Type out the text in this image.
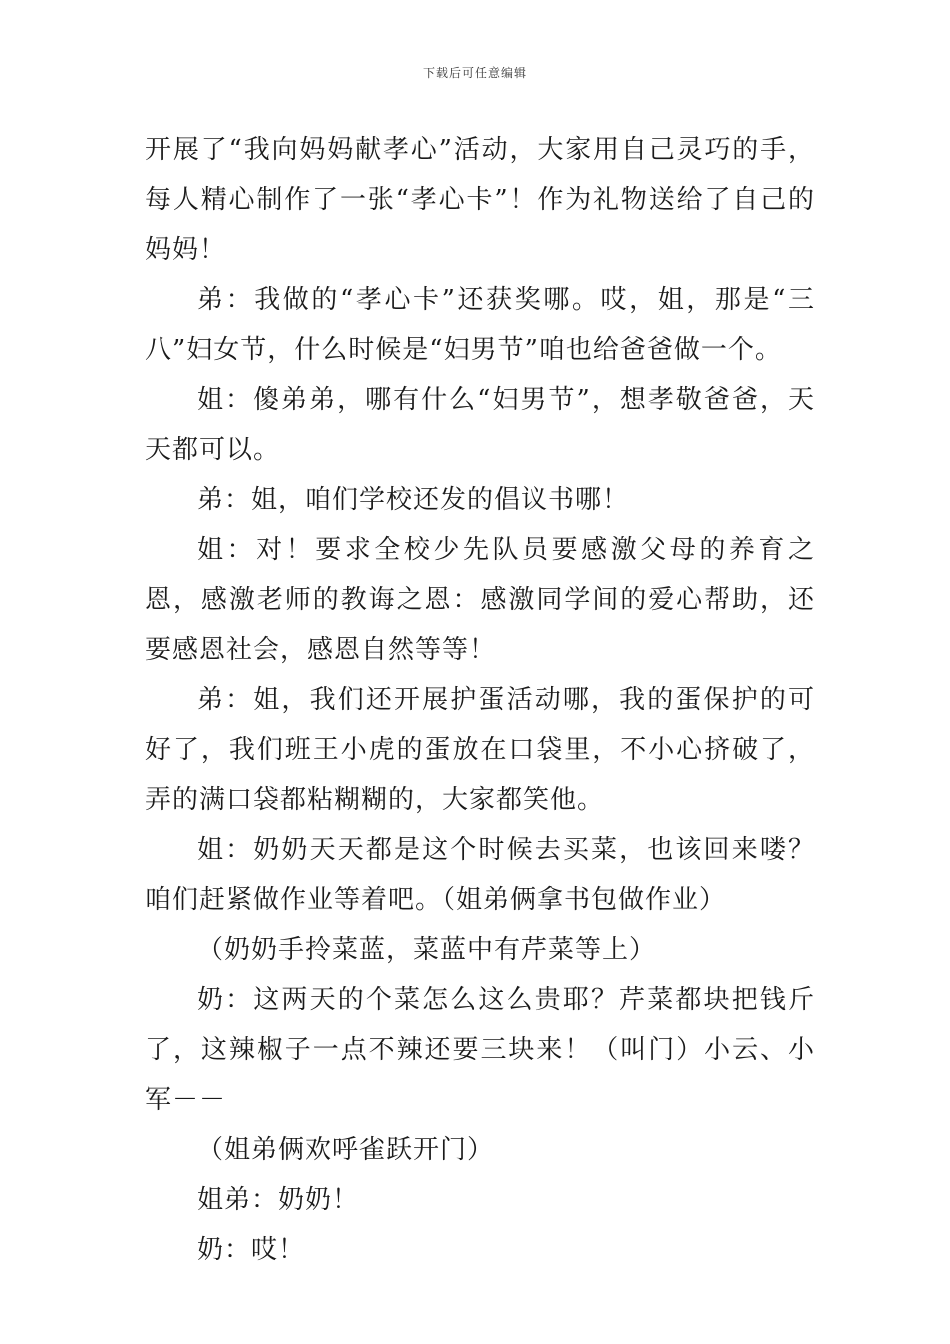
下载后可任意编辑

开展了“我向妈妈献孝心”活动，大家用自己灵巧的手，每人精心制作了一张“孝心卡”！作为礼物送给了自己的妈妈！

弟：我做的“孝心卡”还获奖哪。哎，姐，那是“三八”妇女节，什么时候是“妇男节”咱也给爸爸做一个。

姐：傻弟弟，哪有什么“妇男节”，想孝敬爸爸，天天都可以。

弟：姐，咱们学校还发的倡议书哪！

姐：对！要求全校少先队员要感激父母的养育之恩，感激老师的教诲之恩：感激同学间的爱心帮助，还要感恩社会，感恩自然等等！

弟：姐，我们还开展护蛋活动哪，我的蛋保护的可好了，我们班王小虎的蛋放在口袋里，不小心挤破了，弄的满口袋都粘糊糊的，大家都笑他。

姐：奶奶天天都是这个时候去买菜，也该回来喽？咱们赶紧做作业等着吧。（姐弟俩拿书包做作业）

（奶奶手拎菜蓝，菜蓝中有芹菜等上）

奶：这两天的个菜怎么这么贵耶？芹菜都块把钱斤了，这辣椒子一点不辣还要三块来！（叫门）小云、小军－－

（姐弟俩欢呼雀跃开门）

姐弟：奶奶！

奶：哎！
